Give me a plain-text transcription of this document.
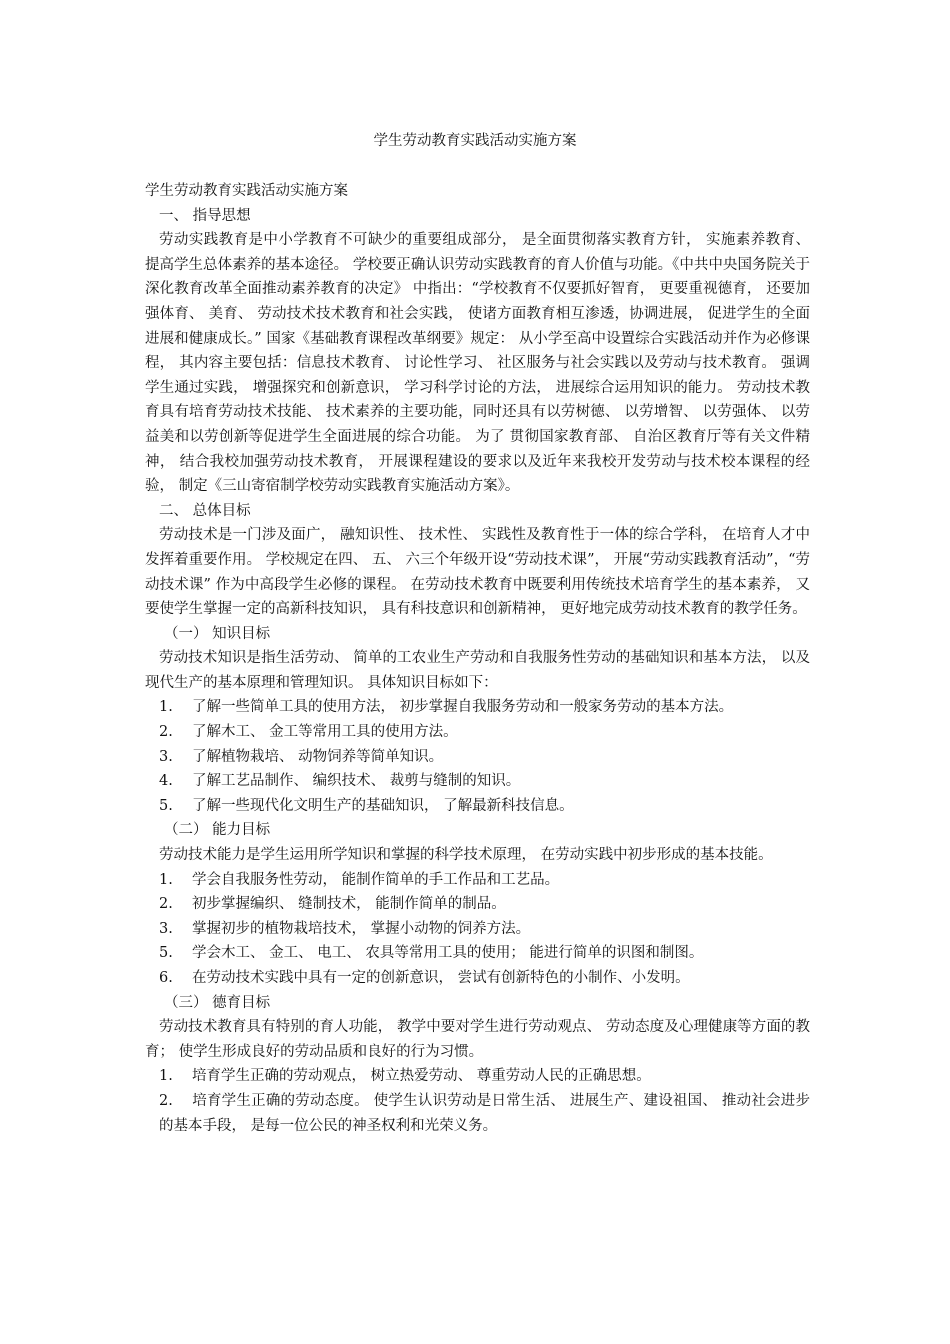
学生劳动教育实践活动实施方案

学生劳动教育实践活动实施方案

一、 指导思想

劳动实践教育是中小学教育不可缺少的重要组成部分， 是全面贯彻落实教育方针， 实施素养教育、 提高学生总体素养的基本途径。 学校要正确认识劳动实践教育的育人价值与功能。《中共中央国务院关于深化教育改革全面推动素养教育的决定》 中指出：“学校教育不仅要抓好智育， 更要重视德育， 还要加强体育、 美育、 劳动技术技术教育和社会实践， 使诸方面教育相互渗透，协调进展， 促进学生的全面进展和健康成长。” 国家《基础教育课程改革纲要》规定： 从小学至高中设置综合实践活动并作为必修课程， 其内容主要包括：信息技术教育、 讨论性学习、 社区服务与社会实践以及劳动与技术教育。 强调学生通过实践， 增强探究和创新意识， 学习科学讨论的方法， 进展综合运用知识的能力。 劳动技术教育具有培育劳动技术技能、 技术素养的主要功能，同时还具有以劳树德、 以劳增智、 以劳强体、 以劳益美和以劳创新等促进学生全面进展的综合功能。 为了 贯彻国家教育部、 自治区教育厅等有关文件精神， 结合我校加强劳动技术教育， 开展课程建设的要求以及近年来我校开发劳动与技术校本课程的经验， 制定《三山寄宿制学校劳动实践教育实施活动方案》。

二、 总体目标

劳动技术是一门涉及面广， 融知识性、 技术性、 实践性及教育性于一体的综合学科， 在培育人才中发挥着重要作用。 学校规定在四、 五、 六三个年级开设“劳动技术课”， 开展“劳动实践教育活动”，“劳动技术课” 作为中高段学生必修的课程。 在劳动技术教育中既要利用传统技术培育学生的基本素养， 又要使学生掌握一定的高新科技知识， 具有科技意识和创新精神， 更好地完成劳动技术教育的教学任务。

（一） 知识目标

劳动技术知识是指生活劳动、 简单的工农业生产劳动和自我服务性劳动的基础知识和基本方法， 以及现代生产的基本原理和管理知识。 具体知识目标如下：

1. 了解一些简单工具的使用方法， 初步掌握自我服务劳动和一般家务劳动的基本方法。

2. 了解木工、 金工等常用工具的使用方法。

3. 了解植物栽培、 动物饲养等简单知识。

4. 了解工艺品制作、 编织技术、 裁剪与缝制的知识。

5. 了解一些现代化文明生产的基础知识， 了解最新科技信息。

（二） 能力目标

劳动技术能力是学生运用所学知识和掌握的科学技术原理， 在劳动实践中初步形成的基本技能。

1. 学会自我服务性劳动， 能制作简单的手工作品和工艺品。

2. 初步掌握编织、 缝制技术， 能制作简单的制品。

3. 掌握初步的植物栽培技术， 掌握小动物的饲养方法。

5. 学会木工、 金工、 电工、 农具等常用工具的使用； 能进行简单的识图和制图。

6. 在劳动技术实践中具有一定的创新意识， 尝试有创新特色的小制作、小发明。

（三） 德育目标

劳动技术教育具有特别的育人功能， 教学中要对学生进行劳动观点、 劳动态度及心理健康等方面的教育； 使学生形成良好的劳动品质和良好的行为习惯。

1. 培育学生正确的劳动观点， 树立热爱劳动、 尊重劳动人民的正确思想。

2. 培育学生正确的劳动态度。 使学生认识劳动是日常生活、 进展生产、建设祖国、 推动社会进步的基本手段， 是每一位公民的神圣权利和光荣义务。
